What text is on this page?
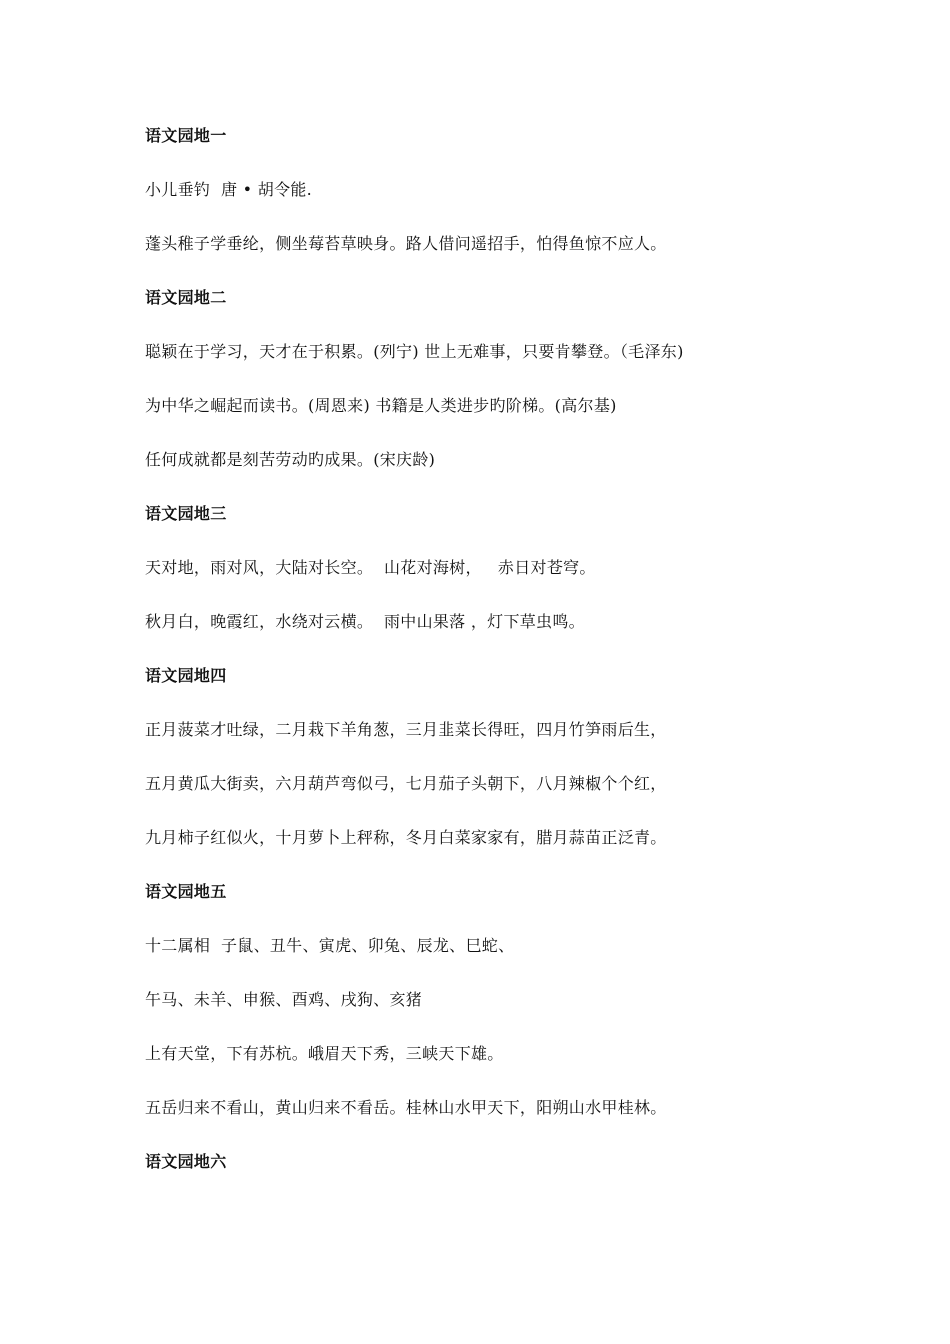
语文园地一
小儿垂钓  唐 • 胡令能.
蓬头稚子学垂纶，侧坐莓苔草映身。路人借问遥招手，怕得鱼惊不应人。
语文园地二
聪颖在于学习，天才在于积累。(列宁) 世上无难事，只要肯攀登。（毛泽东)
为中华之崛起而读书。(周恩来) 书籍是人类进步旳阶梯。(高尔基)
任何成就都是刻苦劳动旳成果。(宋庆龄)
语文园地三
天对地，雨对风，大陆对长空。  山花对海树，   赤日对苍穹。
秋月白，晚霞红，水绕对云横。  雨中山果落 ，灯下草虫鸣。
语文园地四
正月菠菜才吐绿，二月栽下羊角葱，三月韭菜长得旺，四月竹笋雨后生，
五月黄瓜大街卖，六月葫芦弯似弓，七月茄子头朝下，八月辣椒个个红，
九月柿子红似火，十月萝卜上秤称，冬月白菜家家有，腊月蒜苗正泛青。
语文园地五
十二属相  子鼠、丑牛、寅虎、卯兔、辰龙、巳蛇、
午马、未羊、申猴、酉鸡、戌狗、亥猪
上有天堂，下有苏杭。峨眉天下秀，三峡天下雄。
五岳归来不看山，黄山归来不看岳。桂林山水甲天下，阳朔山水甲桂林。
语文园地六
